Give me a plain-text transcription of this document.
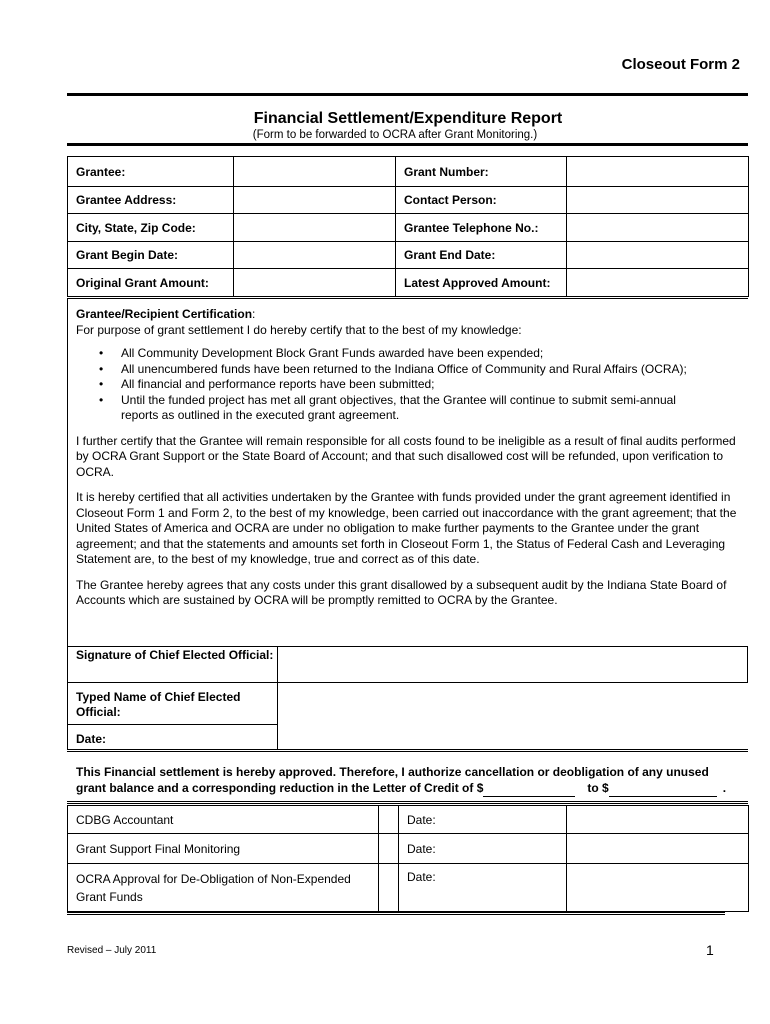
Closeout Form 2
Financial Settlement/Expenditure Report
(Form to be forwarded to OCRA after Grant Monitoring.)
Grantee:		Grant Number:	
Grantee Address:		Contact Person:	
City, State, Zip Code:		Grantee Telephone No.:	
Grant Begin Date:		Grant End Date:	
Original Grant Amount:		Latest Approved Amount:	

Grantee/Recipient Certification:

For purpose of grant settlement I do hereby certify that to the best of my knowledge:

• All Community Development Block Grant Funds awarded have been expended;
• All unencumbered funds have been returned to the Indiana Office of Community and Rural Affairs (OCRA);
• All financial and performance reports have been submitted;
• Until the funded project has met all grant objectives, that the Grantee will continue to submit semi-annual reports as outlined in the executed grant agreement.

I further certify that the Grantee will remain responsible for all costs found to be ineligible as a result of final audits performed by OCRA Grant Support or the State Board of Account; and that such disallowed cost will be refunded, upon verification to OCRA.

It is hereby certified that all activities undertaken by the Grantee with funds provided under the grant agreement identified in Closeout Form 1 and Form 2, to the best of my knowledge, been carried out inaccordance with the grant agreement; that the United States of America and OCRA are under no obligation to make further payments to the Grantee under the grant agreement; and that the statements and amounts set forth in Closeout Form 1, the Status of Federal Cash and Leveraging Statement are, to the best of my knowledge, true and correct as of this date.

The Grantee hereby agrees that any costs under this grant disallowed by a subsequent audit by the Indiana State Board of Accounts which are sustained by OCRA will be promptly remitted to OCRA by the Grantee.

Signature of Chief Elected Official:
Typed Name of Chief Elected Official:
Date:
This Financial settlement is hereby approved. Therefore, I authorize cancellation or deobligation of any unused
grant balance and a corresponding reduction in the Letter of Credit of $	to $	.
CDBG Accountant		Date:	
Grant Support Final Monitoring		Date:	
OCRA Approval for De-Obligation of Non-Expended Grant Funds		Date:	
Revised – July 2011	1
